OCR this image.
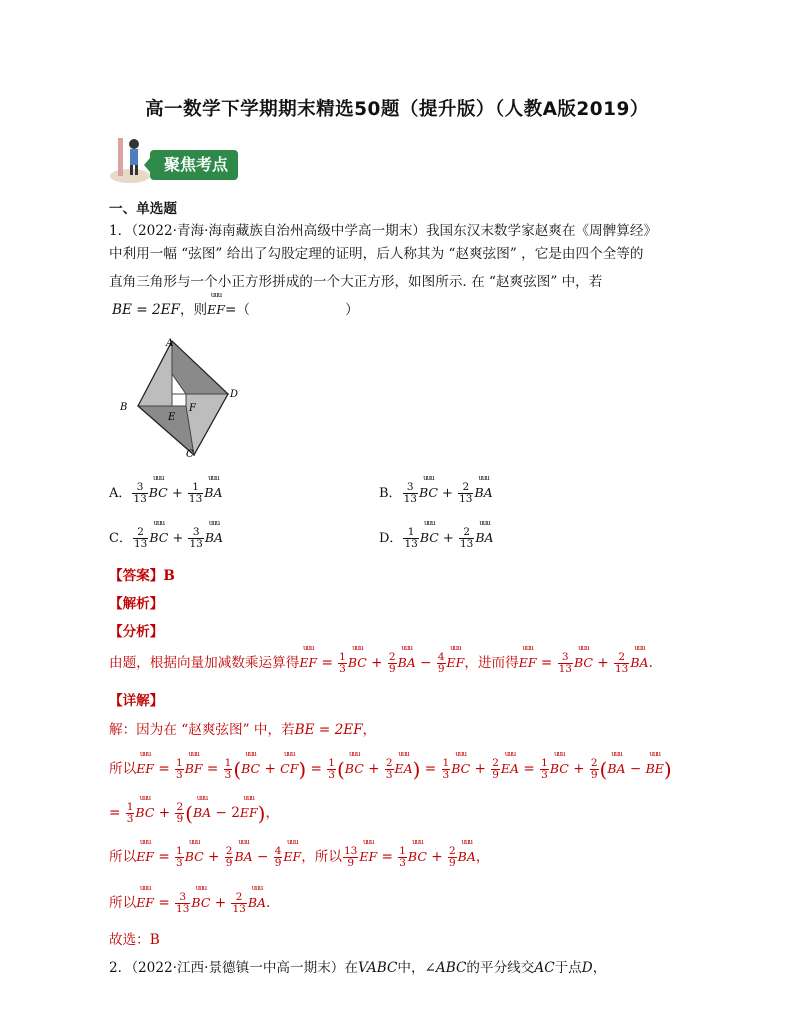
高一数学下学期期末精选50题（提升版）（人教A版2019）
聚焦考点
一、单选题
1．（2022·青海·海南藏族自治州高级中学高一期末）我国东汉末数学家赵爽在《周髀算经》
中利用一幅 “弦图” 给出了勾股定理的证明，后人称其为 “赵爽弦图” ，它是由四个全等的
直角三角形与一个小正方形拼成的一个大正方形，如图所示. 在 “赵爽弦图” 中，若
BE = 2EF，则uuu EF=（　　　　　　　）
A
B
C
D
E
F
A． $\frac{3}{13}$ uuu BC + $\frac{1}{13}$ uuu BA	B． $\frac{3}{13}$ uuu BC + $\frac{2}{13}$ uuu BA
C． $\frac{2}{13}$ uuu BC + $\frac{3}{13}$ uuu BA	D． $\frac{1}{13}$ uuu BC + $\frac{2}{13}$ uuu BA
【答案】B
【解析】
【分析】
由题，根据向量加减数乘运算得uuu EF = $\frac{1}{3}$ uuu BC + $\frac{2}{9}$ uuu BA − $\frac{4}{9}$ uuu EF，进而得uuu EF = $\frac{3}{13}$ uuu BC + $\frac{2}{13}$ uuu BA.
【详解】
解：因为在 “赵爽弦图” 中，若BE = 2EF，
所以uuu EF = $\frac{1}{3}$ uuu BF = $\frac{1}{3} (uuu$ BC + uuu $CF) = \frac{1}{3} (uuu$ BC + $\frac{2}{3}$ uuu $EA) = \frac{1}{3}$ uuu BC + $\frac{2}{9}$ uuu EA = $\frac{1}{3}$ uuu BC + $\frac{2}{9} (uuu$ BA − uuu BE)
= $\frac{1}{3}$ uuu BC + $\frac{2}{9} (uuu$ BA − 2uuu EF)，
所以uuu EF = $\frac{1}{3}$ uuu BC + $\frac{2}{9}$ uuu BA − $\frac{4}{9}$ uuu EF，所以 $\frac{13}{9}$ uuu EF = $\frac{1}{3}$ uuu BC + $\frac{2}{9}$ uuu BA，
所以uuu EF = $\frac{3}{13}$ uuu BC + $\frac{2}{13}$ uuu BA.
故选：B
2．（2022·江西·景德镇一中高一期末）在VABC中，∠ABC的平分线交AC于点D，
